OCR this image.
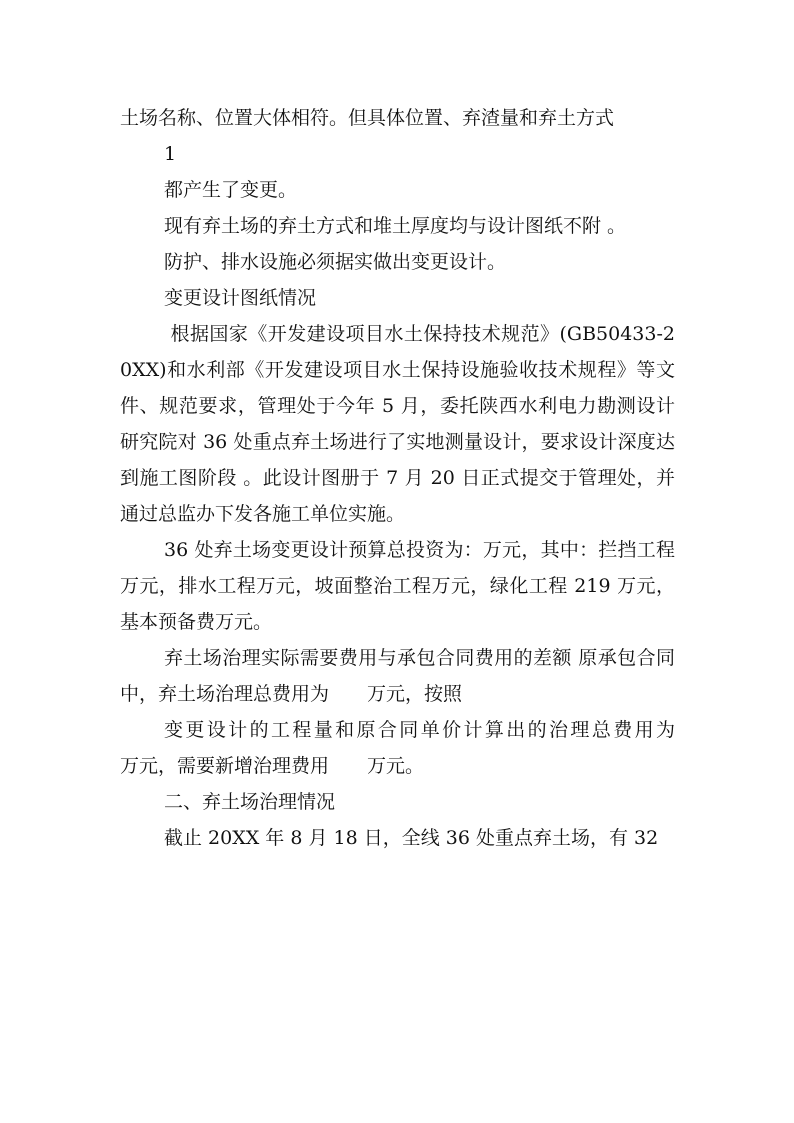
土场名称、位置大体相符。但具体位置、弃渣量和弃土方式

1

都产生了变更。

现有弃土场的弃土方式和堆土厚度均与设计图纸不附 。

防护、排水设施必须据实做出变更设计。

变更设计图纸情况

根据国家《开发建设项目水土保持技术规范》(GB50433-20XX)和水利部《开发建设项目水土保持设施验收技术规程》等文件、规范要求，管理处于今年 5 月，委托陕西水利电力勘测设计研究院对 36 处重点弃土场进行了实地测量设计，要求设计深度达到施工图阶段 。此设计图册于 7 月 20 日正式提交于管理处，并通过总监办下发各施工单位实施。

36 处弃土场变更设计预算总投资为：万元，其中：拦挡工程万元，排水工程万元，坡面整治工程万元，绿化工程 219 万元，基本预备费万元。

弃土场治理实际需要费用与承包合同费用的差额 原承包合同中，弃土场治理总费用为　　万元，按照

变更设计的工程量和原合同单价计算出的治理总费用为　　万元，需要新增治理费用　　万元。

二、弃土场治理情况

截止 20XX 年 8 月 18 日，全线 36 处重点弃土场，有 32
